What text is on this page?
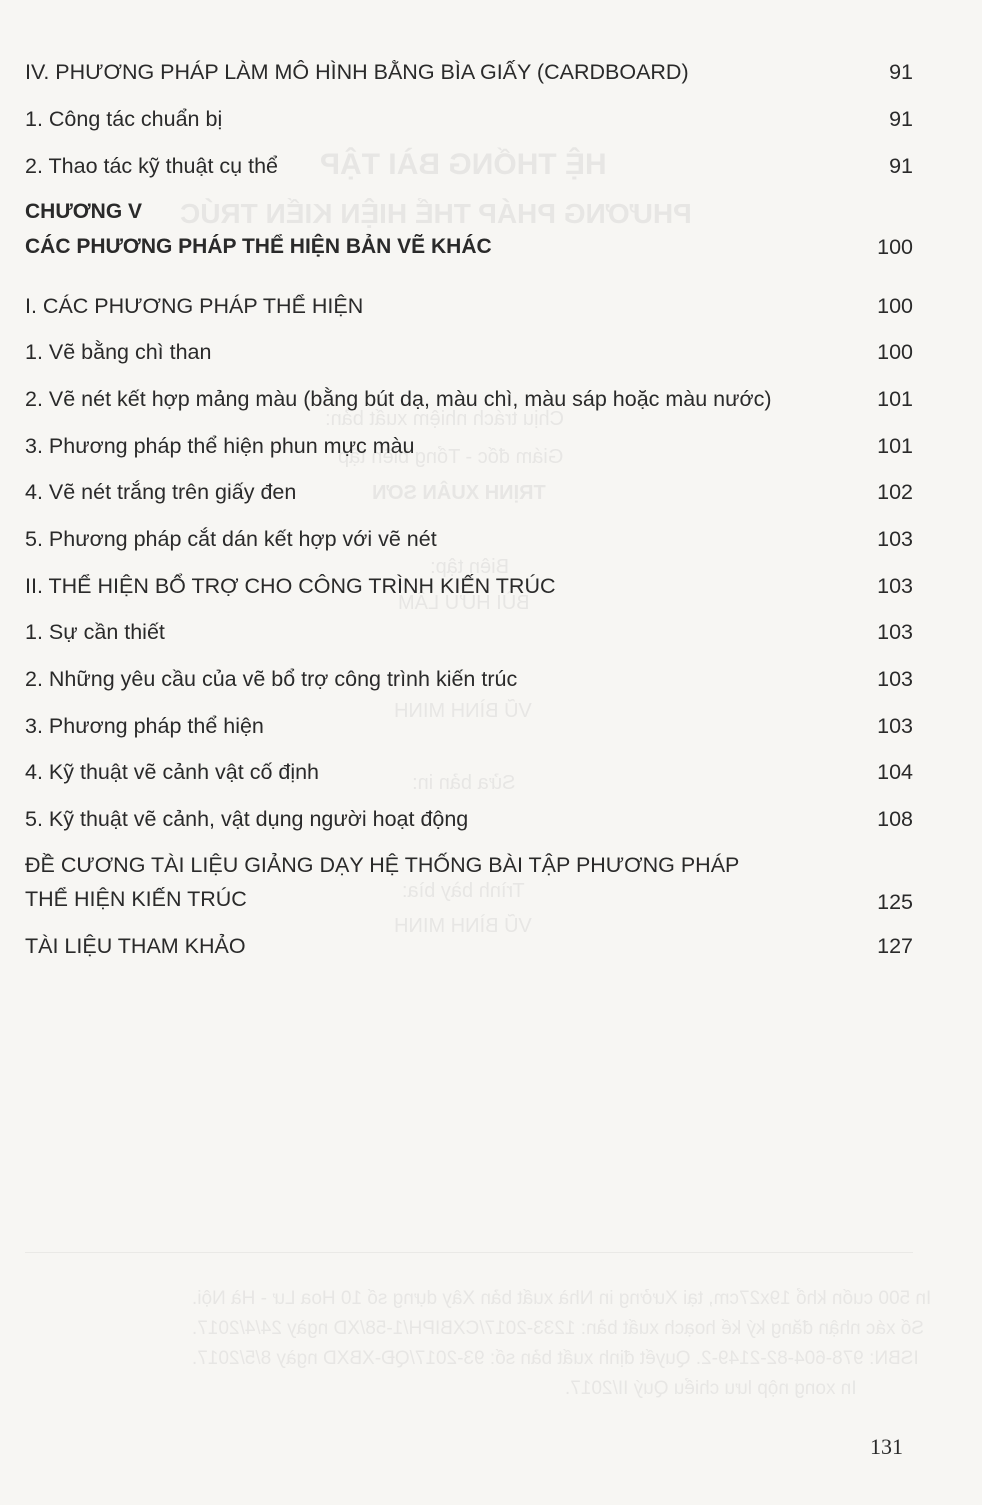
HỆ THỐNG BÀI TẬP
PHƯƠNG PHÁP THỂ HIỆN KIẾN TRÚC
Chịu trách nhiệm xuất bản:
Giám đốc - Tổng biên tập
TRỊNH XUÂN SƠN
Biên tập:
BÙI HỮU LÂM
VŨ BÌNH MINH
Sửa bản in:
Trình bày bìa:
VŨ BÌNH MINH
In 500 cuốn khổ 19x27cm, tại Xưởng in Nhà xuất bản Xây dựng số 10 Hoa Lư - Hà Nội.
Số xác nhận đăng ký kế hoạch xuất bản: 1233-2017/CXBIPH/1-58/XD ngày 24/4/2017.
ISBN: 978-604-82-2149-2. Quyết định xuất bản số: 93-2017/QĐ-XBXD ngày 8/5/2017.
In xong nộp lưu chiểu Quý II/2017.
IV. PHƯƠNG PHÁP LÀM MÔ HÌNH BẰNG BÌA GIẤY (CARDBOARD)	91
1. Công tác chuẩn bị	91
2. Thao tác kỹ thuật cụ thể	91
CHƯƠNG V
CÁC PHƯƠNG PHÁP THỂ HIỆN BẢN VẼ KHÁC	100
I. CÁC PHƯƠNG PHÁP THỂ HIỆN	100
1. Vẽ bằng chì than	100
2. Vẽ nét kết hợp mảng màu (bằng bút dạ, màu chì, màu sáp hoặc màu nước)	101
3. Phương pháp thể hiện phun mực màu	101
4. Vẽ nét trắng trên giấy đen	102
5. Phương pháp cắt dán kết hợp với vẽ nét	103
II. THỂ HIỆN BỔ TRỢ CHO CÔNG TRÌNH KIẾN TRÚC	103
1. Sự cần thiết	103
2. Những yêu cầu của vẽ bổ trợ công trình kiến trúc	103
3. Phương pháp thể hiện	103
4. Kỹ thuật vẽ cảnh vật cố định	104
5. Kỹ thuật vẽ cảnh, vật dụng người hoạt động	108
ĐỀ CƯƠNG TÀI LIỆU GIẢNG DẠY HỆ THỐNG BÀI TẬP PHƯƠNG PHÁP
THỂ HIỆN KIẾN TRÚC	125
TÀI LIỆU THAM KHẢO	127
131
